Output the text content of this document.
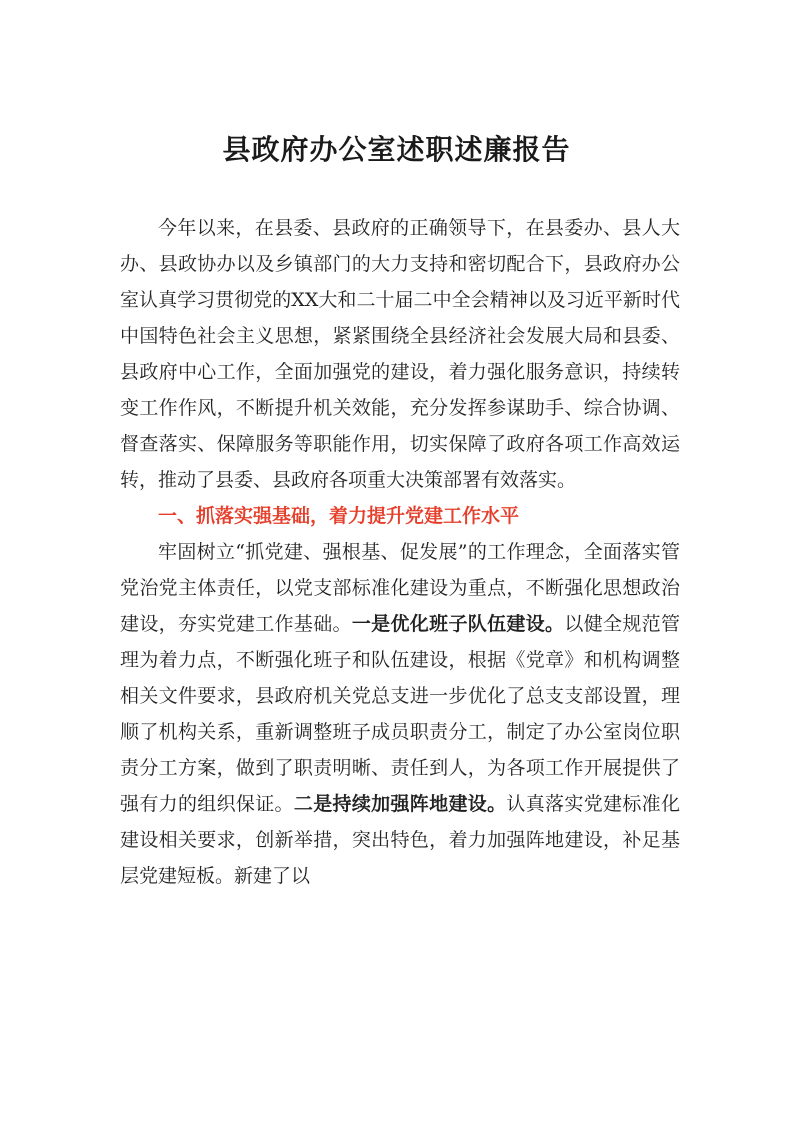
县政府办公室述职述廉报告

今年以来，在县委、县政府的正确领导下，在县委办、县人大办、县政协办以及乡镇部门的大力支持和密切配合下，县政府办公室认真学习贯彻党的XX大和二十届二中全会精神以及习近平新时代中国特色社会主义思想，紧紧围绕全县经济社会发展大局和县委、县政府中心工作，全面加强党的建设，着力强化服务意识，持续转变工作作风，不断提升机关效能，充分发挥参谋助手、综合协调、督查落实、保障服务等职能作用，切实保障了政府各项工作高效运转，推动了县委、县政府各项重大决策部署有效落实。

一、抓落实强基础，着力提升党建工作水平

牢固树立“抓党建、强根基、促发展”的工作理念，全面落实管党治党主体责任，以党支部标准化建设为重点，不断强化思想政治建设，夯实党建工作基础。一是优化班子队伍建设。以健全规范管理为着力点，不断强化班子和队伍建设，根据《党章》和机构调整相关文件要求，县政府机关党总支进一步优化了总支支部设置，理顺了机构关系，重新调整班子成员职责分工，制定了办公室岗位职责分工方案，做到了职责明晰、责任到人，为各项工作开展提供了强有力的组织保证。二是持续加强阵地建设。认真落实党建标准化建设相关要求，创新举措，突出特色，着力加强阵地建设，补足基层党建短板。新建了以
